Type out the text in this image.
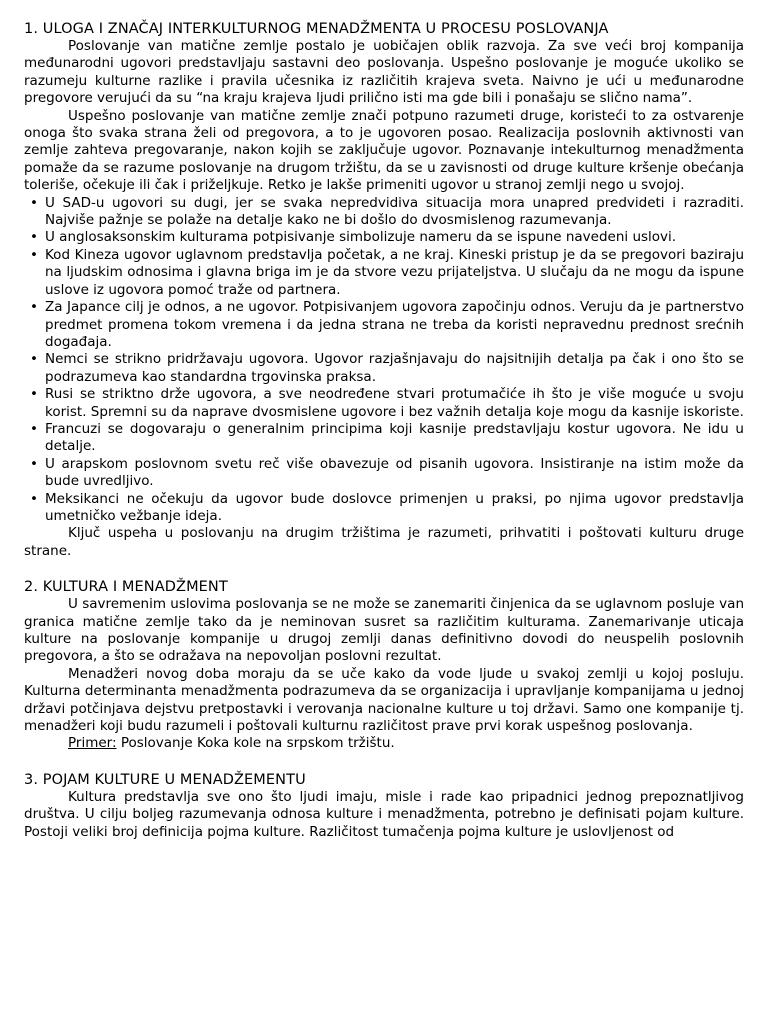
1. ULOGA I ZNAČAJ INTERKULTURNOG MENADŽMENTA U PROCESU POSLOVANJA

Poslovanje van matične zemlje postalo je uobičajen oblik razvoja. Za sve veći broj kompanija međunarodni ugovori predstavljaju sastavni deo poslovanja. Uspešno poslovanje je moguće ukoliko se razumeju kulturne razlike i pravila učesnika iz različitih krajeva sveta. Naivno je ući u međunarodne pregovore verujući da su “na kraju krajeva ljudi prilično isti ma gde bili i ponašaju se slično nama”.

Uspešno poslovanje van matične zemlje znači potpuno razumeti druge, koristeći to za ostvarenje onoga što svaka strana želi od pregovora, a to je ugovoren posao. Realizacija poslovnih aktivnosti van zemlje zahteva pregovaranje, nakon kojih se zaključuje ugovor. Poznavanje intekulturnog menadžmenta pomaže da se razume poslovanje na drugom tržištu, da se u zavisnosti od druge kulture kršenje obećanja toleriše, očekuje ili čak i priželjkuje. Retko je lakše primeniti ugovor u stranoj zemlji nego u svojoj.

• U SAD-u ugovori su dugi, jer se svaka nepredvidiva situacija mora unapred predvideti i razraditi. Najviše pažnje se polaže na detalje kako ne bi došlo do dvosmislenog razumevanja.
• U anglosaksonskim kulturama potpisivanje simbolizuje nameru da se ispune navedeni uslovi.
• Kod Kineza ugovor uglavnom predstavlja početak, a ne kraj. Kineski pristup je da se pregovori baziraju na ljudskim odnosima i glavna briga im je da stvore vezu prijateljstva. U slučaju da ne mogu da ispune uslove iz ugovora pomoć traže od partnera.
• Za Japance cilj je odnos, a ne ugovor. Potpisivanjem ugovora započinju odnos. Veruju da je partnerstvo predmet promena tokom vremena i da jedna strana ne treba da koristi nepravednu prednost srećnih događaja.
• Nemci se strikno pridržavaju ugovora. Ugovor razjašnjavaju do najsitnijih detalja pa čak i ono što se podrazumeva kao standardna trgovinska praksa.
• Rusi se striktno drže ugovora, a sve neodređene stvari protumačiće ih što je više moguće u svoju korist. Spremni su da naprave dvosmislene ugovore i bez važnih detalja koje mogu da kasnije iskoriste.
• Francuzi se dogovaraju o generalnim principima koji kasnije predstavljaju kostur ugovora. Ne idu u detalje.
• U arapskom poslovnom svetu reč više obavezuje od pisanih ugovora. Insistiranje na istim može da bude uvredljivo.
• Meksikanci ne očekuju da ugovor bude doslovce primenjen u praksi, po njima ugovor predstavlja umetničko vežbanje ideja.

Ključ uspeha u poslovanju na drugim tržištima je razumeti, prihvatiti i poštovati kulturu druge strane.

2. KULTURA I MENADŽMENT

U savremenim uslovima poslovanja se ne može se zanemariti činjenica da se uglavnom posluje van granica matične zemlje tako da je neminovan susret sa različitim kulturama. Zanemarivanje uticaja kulture na poslovanje kompanije u drugoj zemlji danas definitivno dovodi do neuspelih poslovnih pregovora, a što se odražava na nepovoljan poslovni rezultat.

Menadžeri novog doba moraju da se uče kako da vode ljude u svakoj zemlji u kojoj posluju. Kulturna determinanta menadžmenta podrazumeva da se organizacija i upravljanje kompanijama u jednoj državi potčinjava dejstvu pretpostavki i verovanja nacionalne kulture u toj državi. Samo one kompanije tj. menadžeri koji budu razumeli i poštovali kulturnu različitost prave prvi korak uspešnog poslovanja.

Primer: Poslovanje Koka kole na srpskom tržištu.

3. POJAM KULTURE U MENADŽEMENTU

Kultura predstavlja sve ono što ljudi imaju, misle i rade kao pripadnici jednog prepoznatljivog društva. U cilju boljeg razumevanja odnosa kulture i menadžmenta, potrebno je definisati pojam kulture. Postoji veliki broj definicija pojma kulture. Različitost tumačenja pojma kulture je uslovljenost od
